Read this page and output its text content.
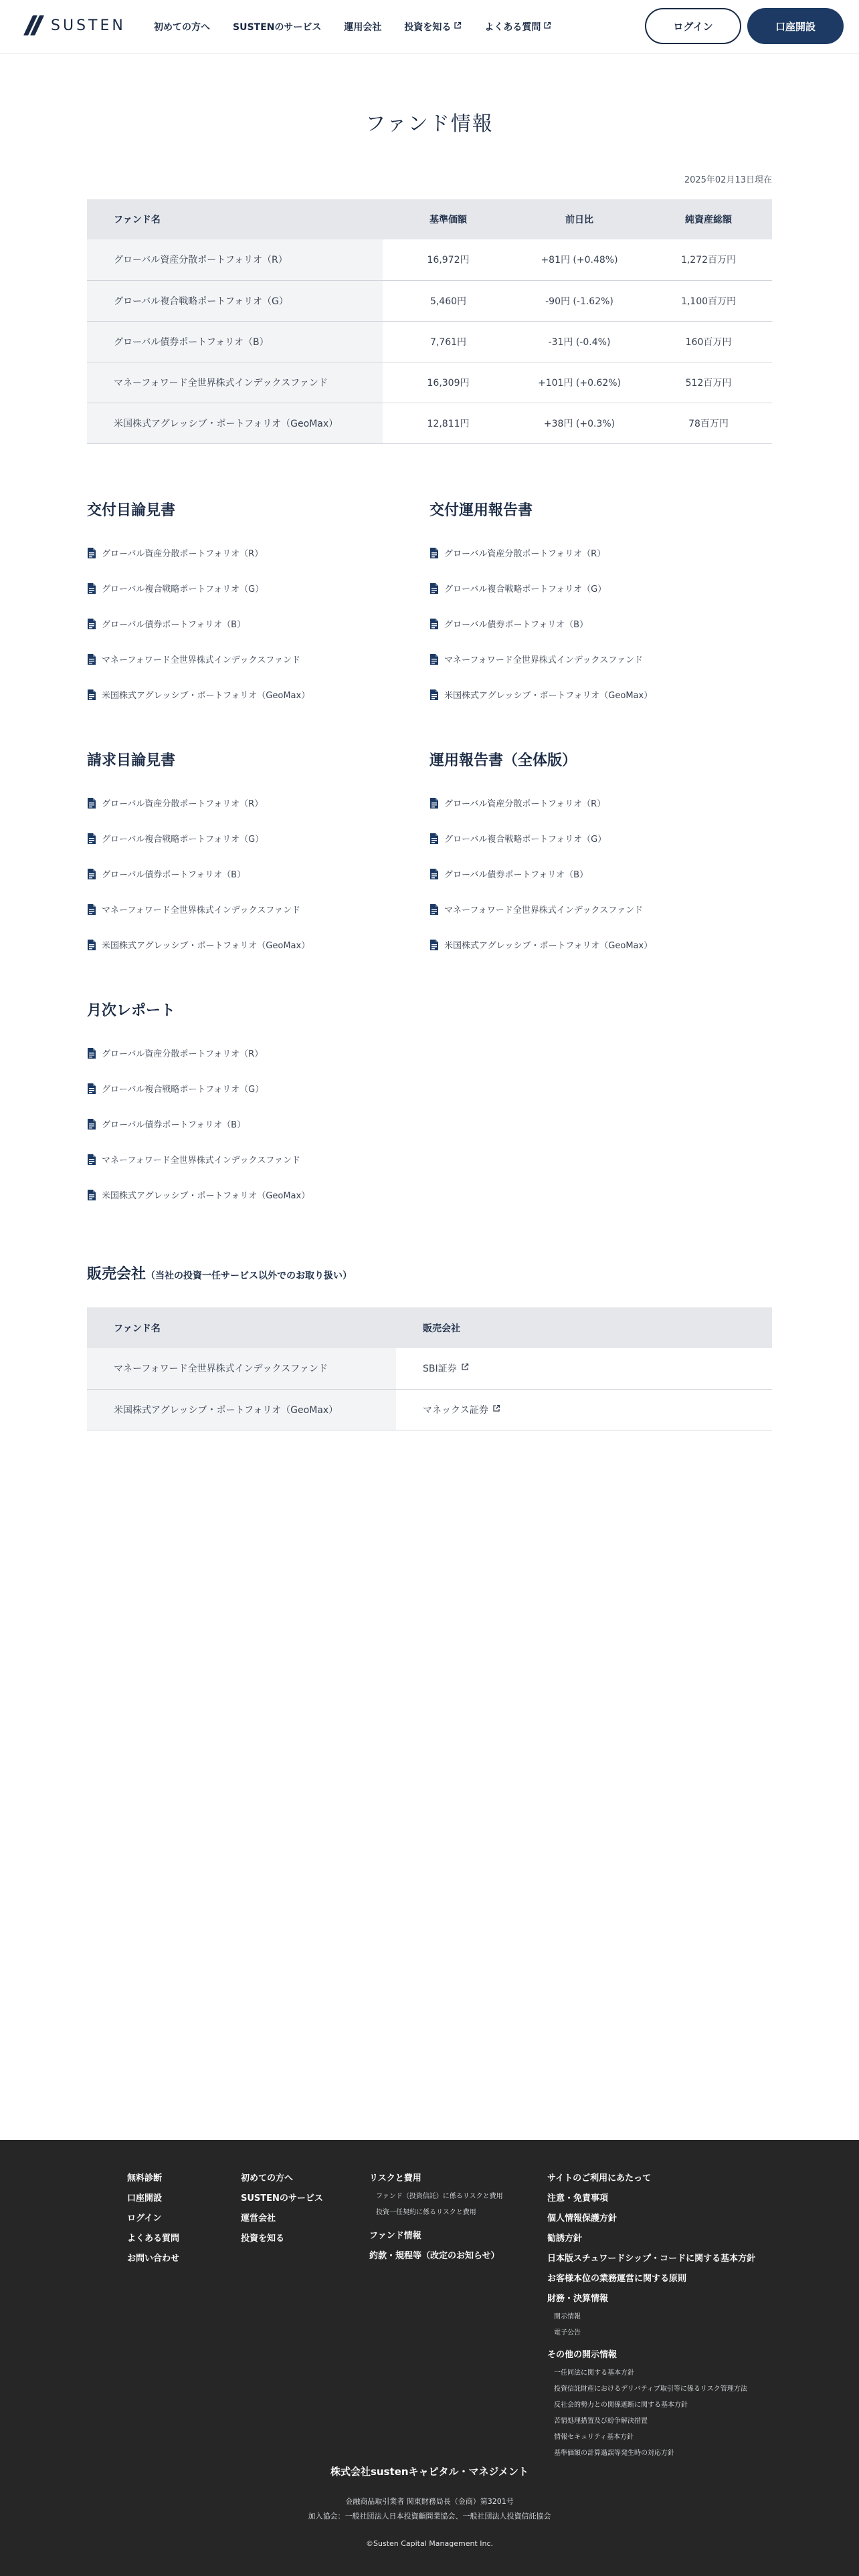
SUSTEN	初めての方へ SUSTENのサービス 運用会社 投資を知る	よくある質問	ログイン	口座開設
ファンド情報
2025年02月13日現在
ファンド名	基準価額	前日比	純資産総額
グローバル資産分散ポートフォリオ（R）	16,972円	+81円 (+0.48%)	1,272百万円
グローバル複合戦略ポートフォリオ（G）	5,460円	-90円 (-1.62%)	1,100百万円
グローバル債券ポートフォリオ（B）	7,761円	-31円 (-0.4%)	160百万円
マネーフォワード全世界株式インデックスファンド	16,309円	+101円 (+0.62%)	512百万円
米国株式アグレッシブ・ポートフォリオ（GeoMax）	12,811円	+38円 (+0.3%)	78百万円
交付目論見書
グローバル資産分散ポートフォリオ（R）
グローバル複合戦略ポートフォリオ（G）
グローバル債券ポートフォリオ（B）
マネーフォワード全世界株式インデックスファンド
米国株式アグレッシブ・ポートフォリオ（GeoMax）
交付運用報告書
グローバル資産分散ポートフォリオ（R）
グローバル複合戦略ポートフォリオ（G）
グローバル債券ポートフォリオ（B）
マネーフォワード全世界株式インデックスファンド
米国株式アグレッシブ・ポートフォリオ（GeoMax）
請求目論見書
グローバル資産分散ポートフォリオ（R）
グローバル複合戦略ポートフォリオ（G）
グローバル債券ポートフォリオ（B）
マネーフォワード全世界株式インデックスファンド
米国株式アグレッシブ・ポートフォリオ（GeoMax）
運用報告書（全体版）
グローバル資産分散ポートフォリオ（R）
グローバル複合戦略ポートフォリオ（G）
グローバル債券ポートフォリオ（B）
マネーフォワード全世界株式インデックスファンド
米国株式アグレッシブ・ポートフォリオ（GeoMax）
月次レポート
グローバル資産分散ポートフォリオ（R）
グローバル複合戦略ポートフォリオ（G）
グローバル債券ポートフォリオ（B）
マネーフォワード全世界株式インデックスファンド
米国株式アグレッシブ・ポートフォリオ（GeoMax）
販売会社（当社の投資一任サービス以外でのお取り扱い）
ファンド名	販売会社
マネーフォワード全世界株式インデックスファンド	SBI証券

米国株式アグレッシブ・ポートフォリオ（GeoMax）	マネックス証券
無料診断
口座開設
ログイン
よくある質問
お問い合わせ
初めての方へ
SUSTENのサービス
運営会社
投資を知る
リスクと費用
ファンド（投資信託）に係るリスクと費用
投資一任契約に係るリスクと費用
ファンド情報
約款・規程等（改定のお知らせ）
サイトのご利用にあたって
注意・免責事項
個人情報保護方針
勧誘方針
日本版スチュワードシップ・コードに関する基本方針
お客様本位の業務運営に関する原則
財務・決算情報
開示情報
電子公告
その他の開示情報
一任同法に関する基本方針
投資信託財産におけるデリバティブ取引等に係るリスク管理方法
反社会的勢力との関係遮断に関する基本方針
苦情処理措置及び紛争解決措置
情報セキュリティ基本方針
基準価額の計算過誤等発生時の対応方針
株式会社sustenキャピタル・マネジメント
金融商品取引業者 関東財務局長（金商）第3201号
加入協会：一般社団法人日本投資顧問業協会、一般社団法人投資信託協会
©Susten Capital Management Inc.
